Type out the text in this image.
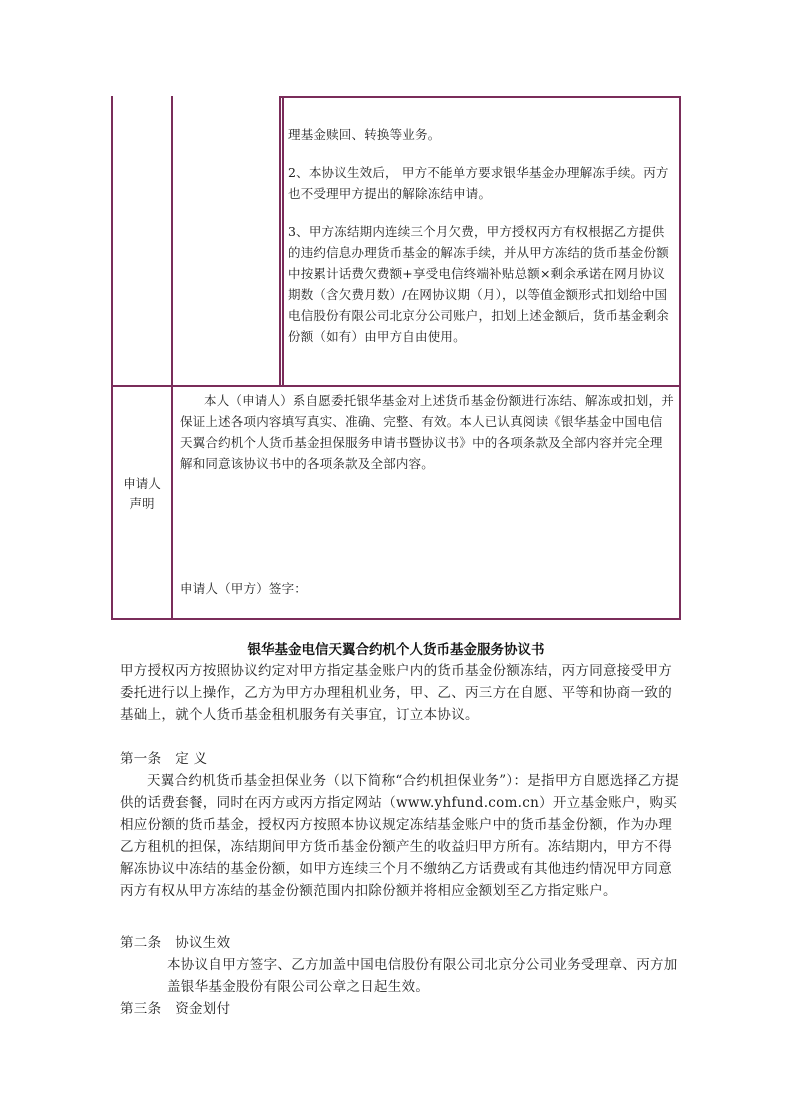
理基金赎回、转换等业务。

2、本协议生效后， 甲方不能单方要求银华基金办理解冻手续。丙方也不受理甲方提出的解除冻结申请。

3、甲方冻结期内连续三个月欠费，甲方授权丙方有权根据乙方提供的违约信息办理货币基金的解冻手续，并从甲方冻结的货币基金份额中按累计话费欠费额+享受电信终端补贴总额×剩余承诺在网月协议期数（含欠费月数）/在网协议期（月），以等值金额形式扣划给中国电信股份有限公司北京分公司账户，扣划上述金额后，货币基金剩余份额（如有）由甲方自由使用。

申请人
声明

本人（申请人）系自愿委托银华基金对上述货币基金份额进行冻结、解冻或扣划，并保证上述各项内容填写真实、准确、完整、有效。本人已认真阅读《银华基金中国电信天翼合约机个人货币基金担保服务申请书暨协议书》中的各项条款及全部内容并完全理解和同意该协议书中的各项条款及全部内容。

申请人（甲方）签字：
银华基金电信天翼合约机个人货币基金服务协议书

甲方授权丙方按照协议约定对甲方指定基金账户内的货币基金份额冻结，丙方同意接受甲方委托进行以上操作，乙方为甲方办理租机业务，甲、乙、丙三方在自愿、平等和协商一致的基础上，就个人货币基金租机服务有关事宜，订立本协议。

第一条　定 义

天翼合约机货币基金担保业务（以下简称“合约机担保业务”）：是指甲方自愿选择乙方提供的话费套餐，同时在丙方或丙方指定网站（www.yhfund.com.cn）开立基金账户，购买相应份额的货币基金，授权丙方按照本协议规定冻结基金账户中的货币基金份额，作为办理乙方租机的担保，冻结期间甲方货币基金份额产生的收益归甲方所有。冻结期内，甲方不得解冻协议中冻结的基金份额，如甲方连续三个月不缴纳乙方话费或有其他违约情况甲方同意丙方有权从甲方冻结的基金份额范围内扣除份额并将相应金额划至乙方指定账户。

第二条　协议生效

本协议自甲方签字、乙方加盖中国电信股份有限公司北京分公司业务受理章、丙方加盖银华基金股份有限公司公章之日起生效。

第三条　资金划付
